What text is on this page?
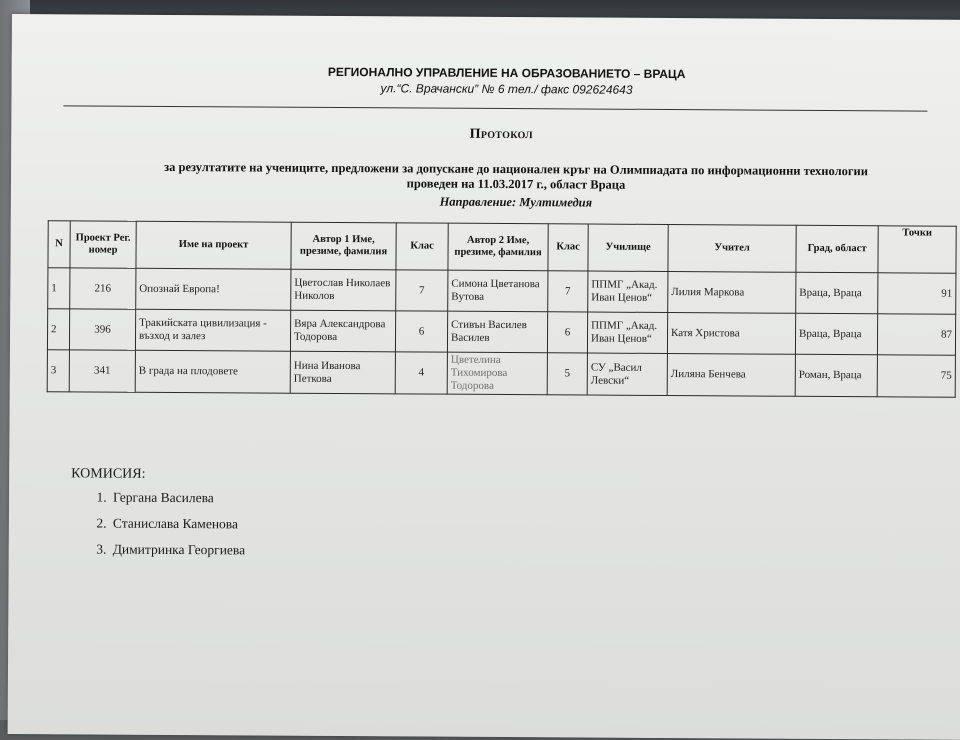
РЕГИОНАЛНО УПРАВЛЕНИЕ НА ОБРАЗОВАНИЕТО – ВРАЦА
ул.“С. Врачански” № 6 тел./ факс 092624643
Протокол
за резултатите на учениците, предложени за допускане до национален кръг на Олимпиадата по информационни технологии
проведен на 11.03.2017 г., област Враца
Направление: Мултимедия
N	Проект Рег. номер	Име на проект	Автор 1 Име, презиме, фамилия	Клас	Автор 2 Име, презиме, фамилия	Клас	Училище	Учител	Град, област	Точки
1	216	Опознай Европа!	Цветослав Николаев Николов	7	Симона Цветанова Вутова	7	ППМГ „Акад. Иван Ценов“	Лилия Маркова	Враца, Враца	91
2	396	Тракийската цивилизация - възход и залез	Вяра Александрова Тодорова	6	Стивън Василев Василев	6	ППМГ „Акад. Иван Ценов“	Катя Христова	Враца, Враца	87
3	341	В града на плодовете	Нина Иванова Петкова	4	Цветелина Тихомирова Тодорова	5	СУ „Васил Левски“	Лиляна Бенчева	Роман, Враца	75
КОМИСИЯ:
1. Гергана Василева
2. Станислава Каменова
3. Димитринка Георгиева
